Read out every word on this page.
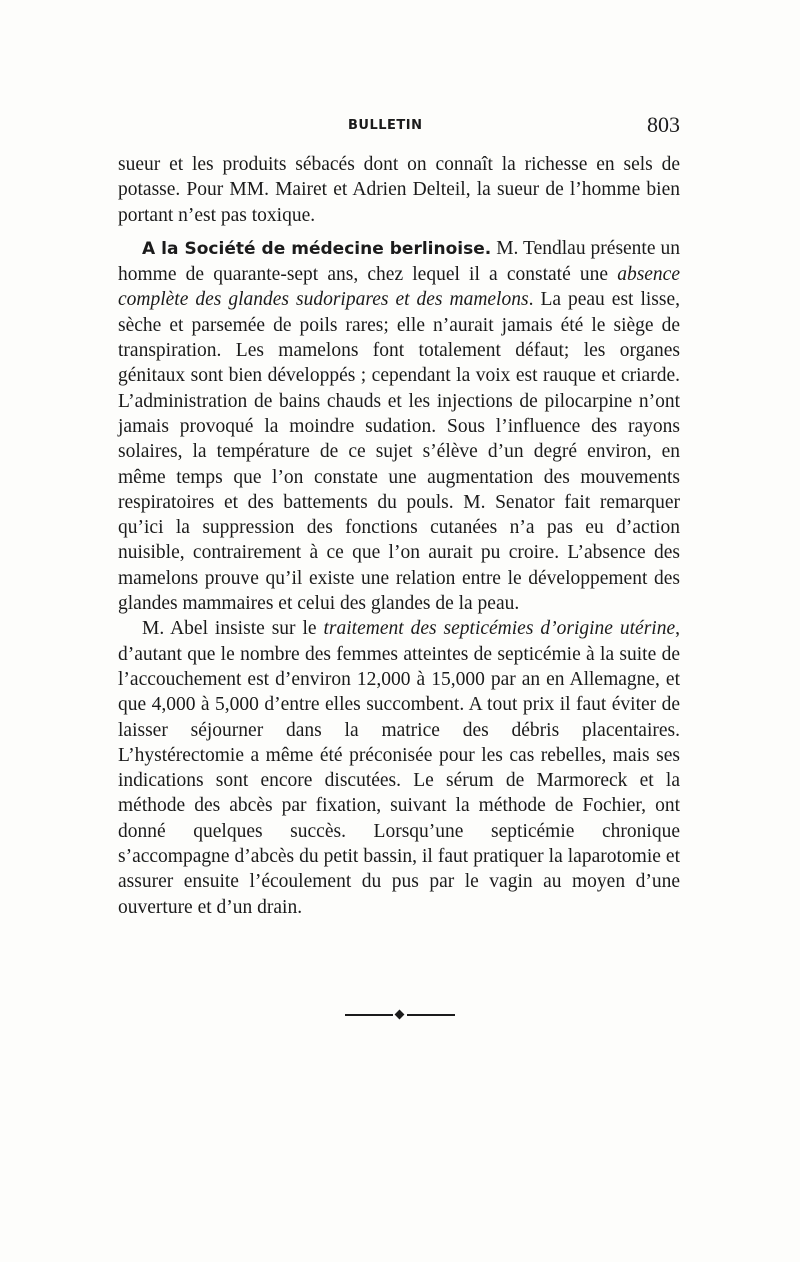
BULLETIN	803

sueur et les produits sébacés dont on connaît la richesse en sels de potasse. Pour MM. Mairet et Adrien Delteil, la sueur de l’homme bien portant n’est pas toxique.

A la Société de médecine berlinoise. M. Tendlau présente un homme de quarante-sept ans, chez lequel il a constaté une absence complète des glandes sudoripares et des mamelons. La peau est lisse, sèche et parsemée de poils rares; elle n’aurait jamais été le siège de transpiration. Les mamelons font totalement défaut; les organes génitaux sont bien développés ; cependant la voix est rauque et criarde. L’administration de bains chauds et les injections de pilocarpine n’ont jamais provoqué la moindre sudation. Sous l’influence des rayons solaires, la température de ce sujet s’élève d’un degré environ, en même temps que l’on constate une augmentation des mouvements respiratoires et des battements du pouls. M. Senator fait remarquer qu’ici la suppression des fonctions cutanées n’a pas eu d’action nuisible, contrairement à ce que l’on aurait pu croire. L’absence des mamelons prouve qu’il existe une relation entre le développement des glandes mammaires et celui des glandes de la peau.

M. Abel insiste sur le traitement des septicémies d’origine utérine, d’autant que le nombre des femmes atteintes de septicémie à la suite de l’accouchement est d’environ 12,000 à 15,000 par an en Allemagne, et que 4,000 à 5,000 d’entre elles succombent. A tout prix il faut éviter de laisser séjourner dans la matrice des débris placentaires. L’hystérectomie a même été préconisée pour les cas rebelles, mais ses indications sont encore discutées. Le sérum de Marmoreck et la méthode des abcès par fixation, suivant la méthode de Fochier, ont donné quelques succès. Lorsqu’une septicémie chronique s’accompagne d’abcès du petit bassin, il faut pratiquer la laparotomie et assurer ensuite l’écoulement du pus par le vagin au moyen d’une ouverture et d’un drain.
